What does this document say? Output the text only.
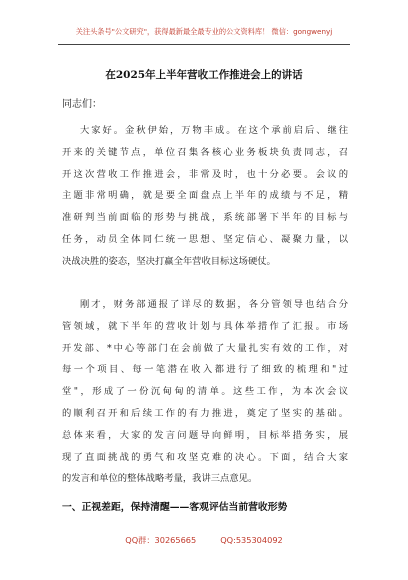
关注头条号"公文研究"，获得最新最全最专业的公文资料库！ 微信：gongwenyj
在2025年上半年营收工作推进会上的讲话
同志们：
大家好。金秋伊始，万物丰成。在这个承前启后、继往
开来的关键节点，单位召集各核心业务板块负责同志，召
开这次营收工作推进会，非常及时，也十分必要。会议的
主题非常明确，就是要全面盘点上半年的成绩与不足，精
准研判当前面临的形势与挑战，系统部署下半年的目标与
任务，动员全体同仁统一思想、坚定信心、凝聚力量，以
决战决胜的姿态，坚决打赢全年营收目标这场硬仗。
刚才，财务部通报了详尽的数据，各分管领导也结合分
管领域，就下半年的营收计划与具体举措作了汇报。市场
开发部、*中心等部门在会前做了大量扎实有效的工作，对
每一个项目、每一笔潜在收入都进行了细致的梳理和"过
堂"，形成了一份沉甸甸的清单。这些工作，为本次会议
的顺利召开和后续工作的有力推进，奠定了坚实的基础。
总体来看，大家的发言问题导向鲜明，目标举措务实，展
现了直面挑战的勇气和攻坚克难的决心。下面，结合大家
的发言和单位的整体战略考量，我讲三点意见。
一、正视差距，保持清醒——客观评估当前营收形势
QQ群：30265665	QQ:535304092
